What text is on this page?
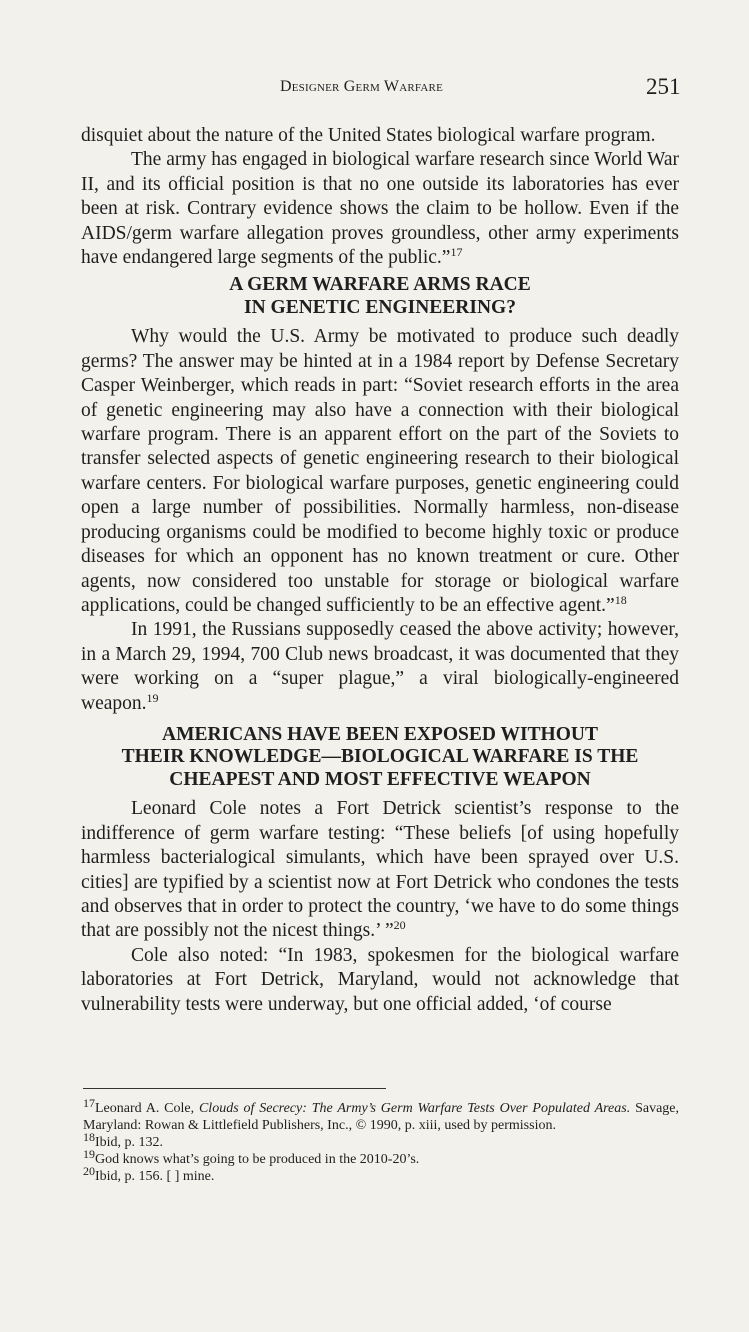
Designer Germ Warfare	251

disquiet about the nature of the United States biological warfare program.

The army has engaged in biological warfare research since World War II, and its official position is that no one outside its laboratories has ever been at risk. Contrary evidence shows the claim to be hollow. Even if the AIDS/germ warfare allegation proves groundless, other army experiments have endangered large segments of the public.”$^{17}$

A GERM WARFARE ARMS RACE
IN GENETIC ENGINEERING?

Why would the U.S. Army be motivated to produce such deadly germs? The answer may be hinted at in a 1984 report by Defense Secretary Casper Weinberger, which reads in part: “Soviet research efforts in the area of genetic engineering may also have a connection with their biological warfare program. There is an apparent effort on the part of the Soviets to transfer selected aspects of genetic engineering research to their biological warfare centers. For biological warfare purposes, genetic engineering could open a large number of possibilities. Normally harmless, non-disease producing organisms could be modified to become highly toxic or produce diseases for which an opponent has no known treatment or cure. Other agents, now considered too unstable for storage or biological warfare applications, could be changed sufficiently to be an effective agent.”$^{18}$

In 1991, the Russians supposedly ceased the above activity; however, in a March 29, 1994, 700 Club news broadcast, it was documented that they were working on a “super plague,” a viral biologically-engineered weapon.$^{19}$

AMERICANS HAVE BEEN EXPOSED WITHOUT
THEIR KNOWLEDGE—BIOLOGICAL WARFARE IS THE
CHEAPEST AND MOST EFFECTIVE WEAPON

Leonard Cole notes a Fort Detrick scientist’s response to the indifference of germ warfare testing: “These beliefs [of using hopefully harmless bacterialogical simulants, which have been sprayed over U.S. cities] are typified by a scientist now at Fort Detrick who condones the tests and observes that in order to protect the country, ‘we have to do some things that are possibly not the nicest things.’ ”$^{20}$

Cole also noted: “In 1983, spokesmen for the biological warfare laboratories at Fort Detrick, Maryland, would not acknowledge that vulnerability tests were underway, but one official added, ‘of course

$^{17}$Leonard A. Cole, Clouds of Secrecy: The Army’s Germ Warfare Tests Over Populated Areas. Savage, Maryland: Rowan & Littlefield Publishers, Inc., © 1990, p. xiii, used by permission.

$^{18}$Ibid, p. 132.

$^{19}$God knows what’s going to be produced in the 2010-20’s.

$^{20}$Ibid, p. 156. [ ] mine.
